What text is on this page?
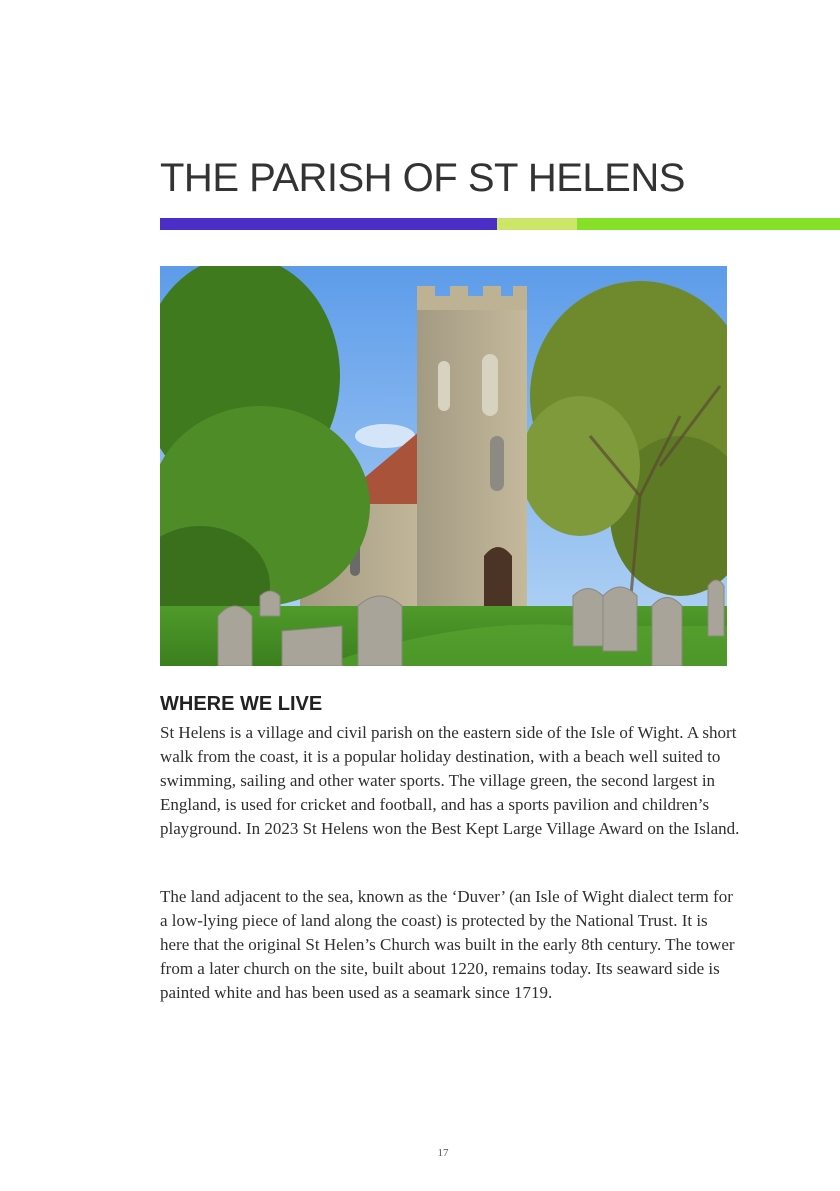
THE PARISH OF ST HELENS
WHERE WE LIVE

St Helens is a village and civil parish on the eastern side of the Isle of Wight. A short walk from the coast, it is a popular holiday destination, with a beach well suited to swimming, sailing and other water sports. The village green, the second largest in England, is used for cricket and football, and has a sports pavilion and children’s playground. In 2023 St Helens won the Best Kept Large Village Award on the Island.

The land adjacent to the sea, known as the ‘Duver’ (an Isle of Wight dialect term for a low-lying piece of land along the coast) is protected by the National Trust. It is here that the original St Helen’s Church was built in the early 8th century. The tower from a later church on the site, built about 1220, remains today. Its seaward side is painted white and has been used as a seamark since 1719.

17
